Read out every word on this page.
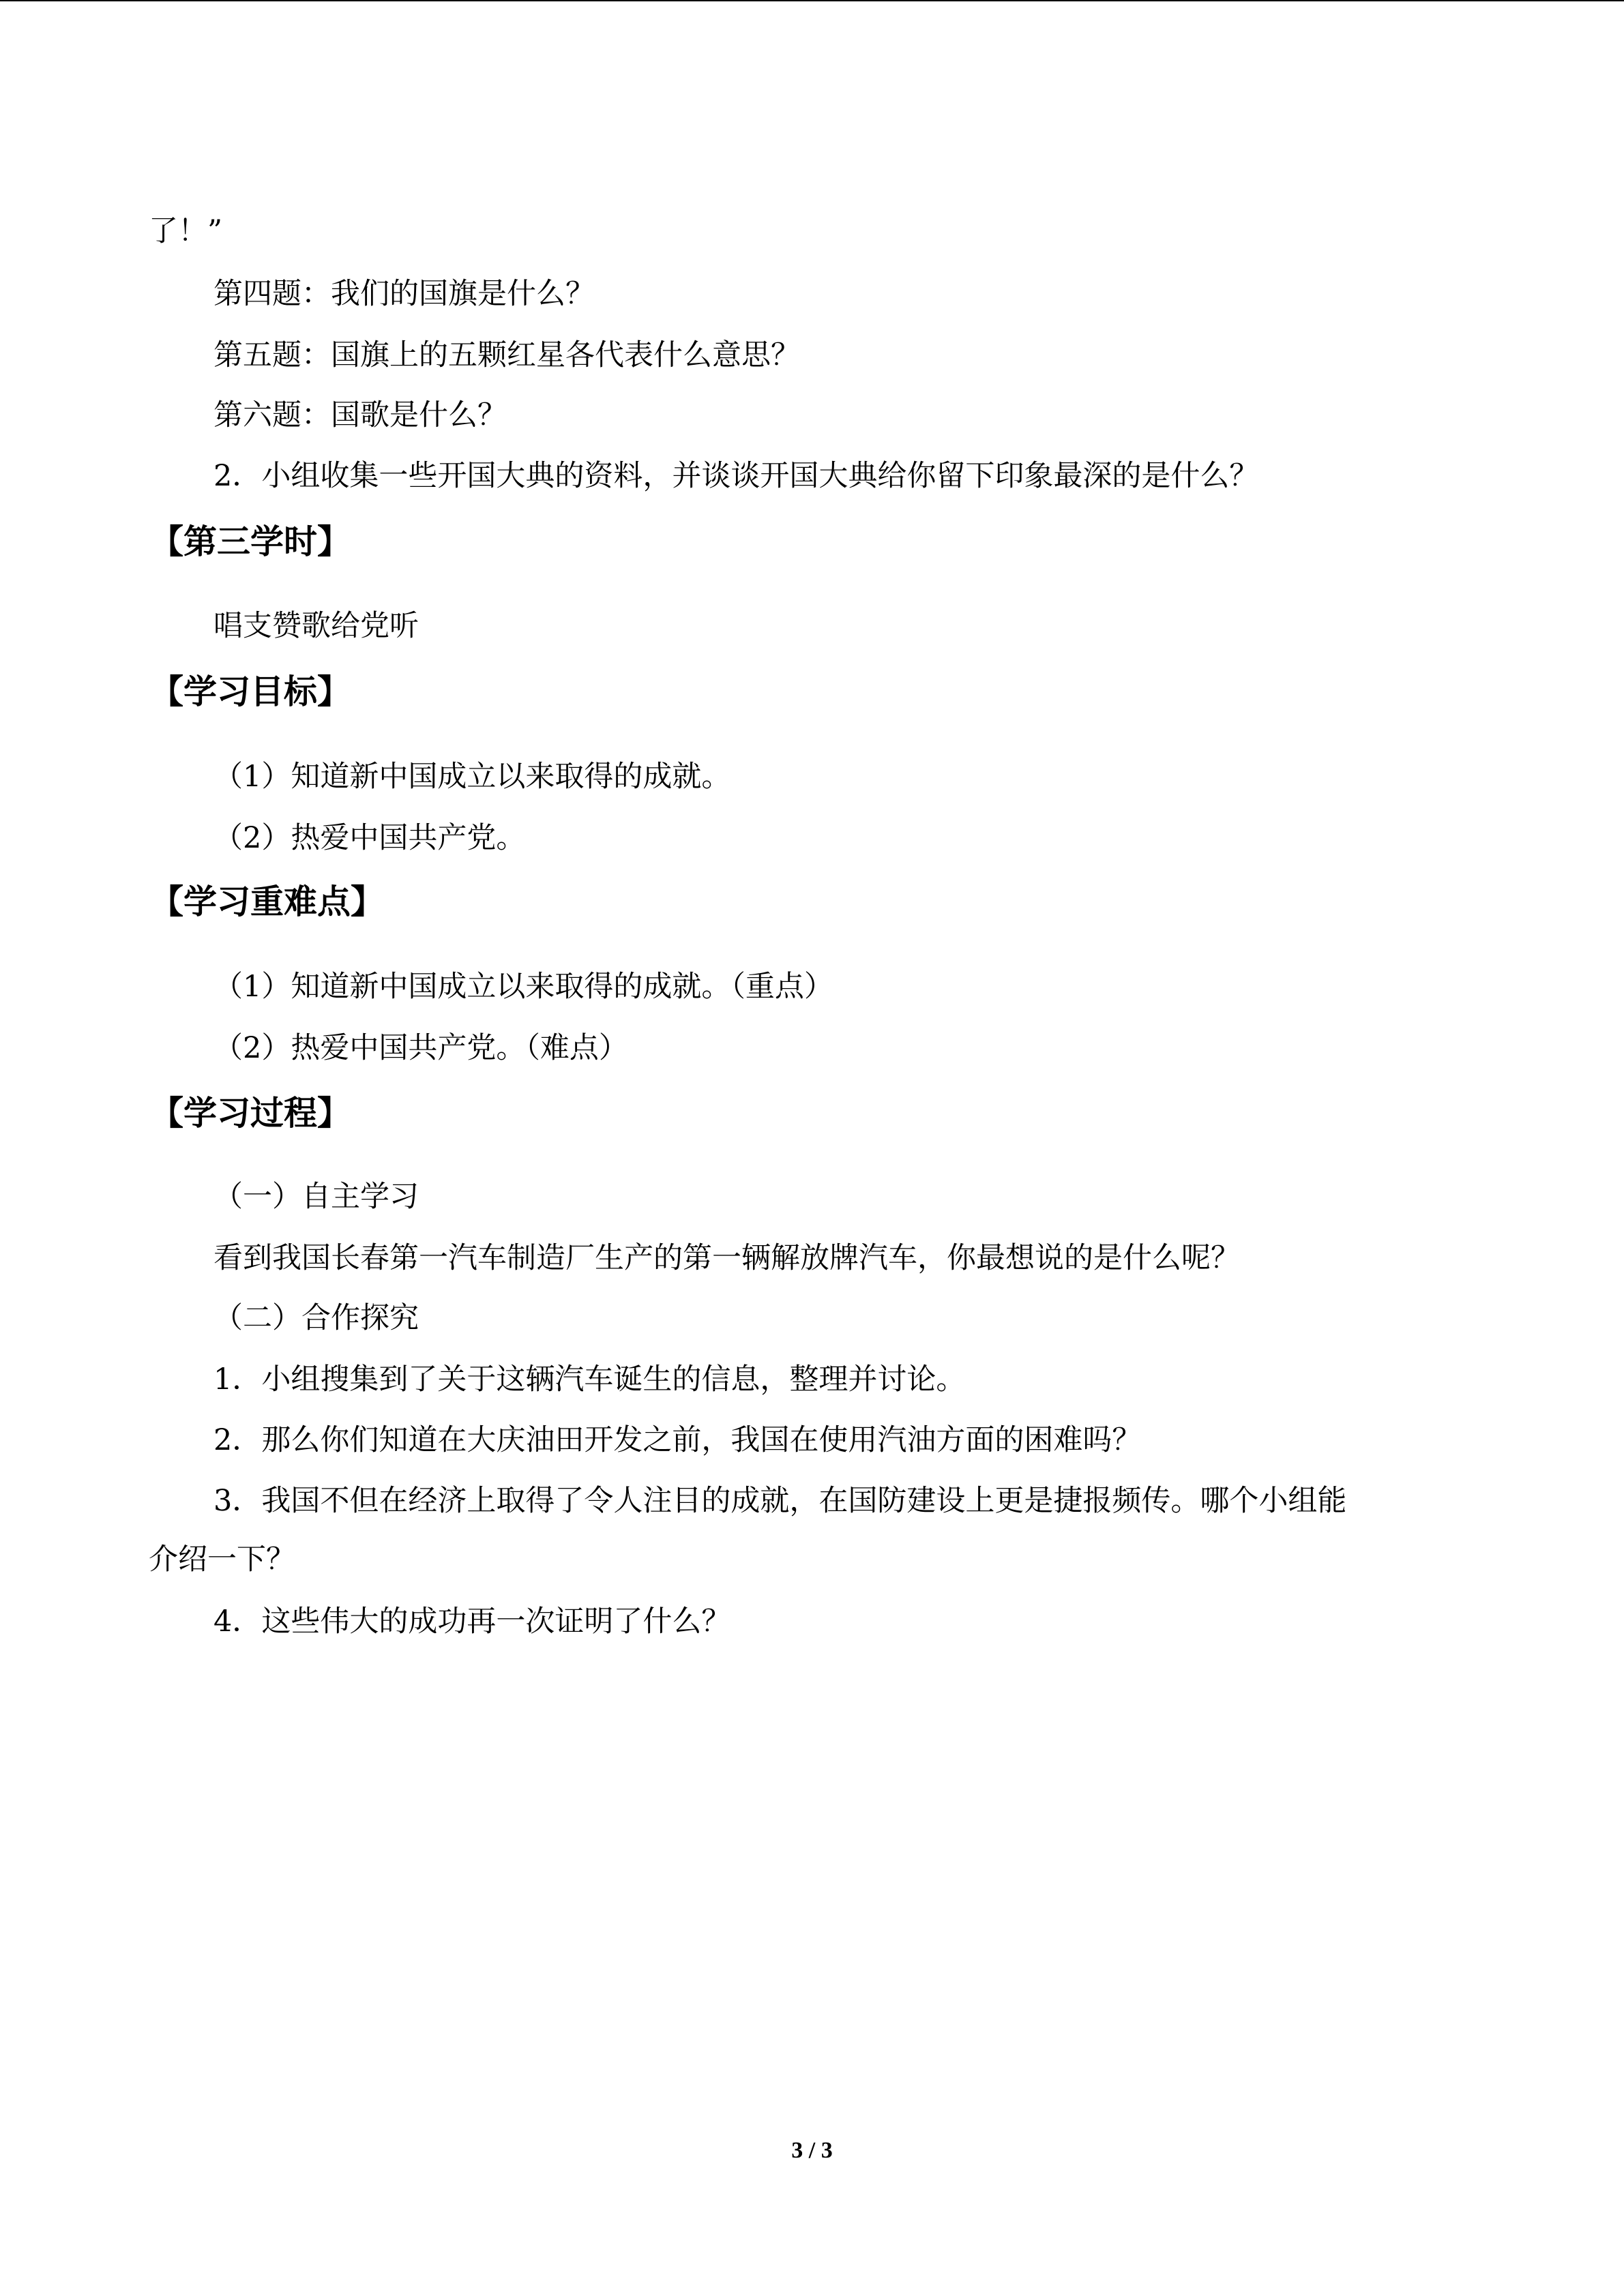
了！”
第四题：我们的国旗是什么？
第五题：国旗上的五颗红星各代表什么意思？
第六题：国歌是什么？
2．小组收集一些开国大典的资料，并谈谈开国大典给你留下印象最深的是什么？
【第三学时】
唱支赞歌给党听
【学习目标】
（1）知道新中国成立以来取得的成就。
（2）热爱中国共产党。
【学习重难点】
（1）知道新中国成立以来取得的成就。（重点）
（2）热爱中国共产党。（难点）
【学习过程】
（一）自主学习
看到我国长春第一汽车制造厂生产的第一辆解放牌汽车，你最想说的是什么呢？
（二）合作探究
1．小组搜集到了关于这辆汽车诞生的信息，整理并讨论。
2．那么你们知道在大庆油田开发之前，我国在使用汽油方面的困难吗？
3．我国不但在经济上取得了令人注目的成就，在国防建设上更是捷报频传。哪个小组能
介绍一下？
4．这些伟大的成功再一次证明了什么？
3 / 3
